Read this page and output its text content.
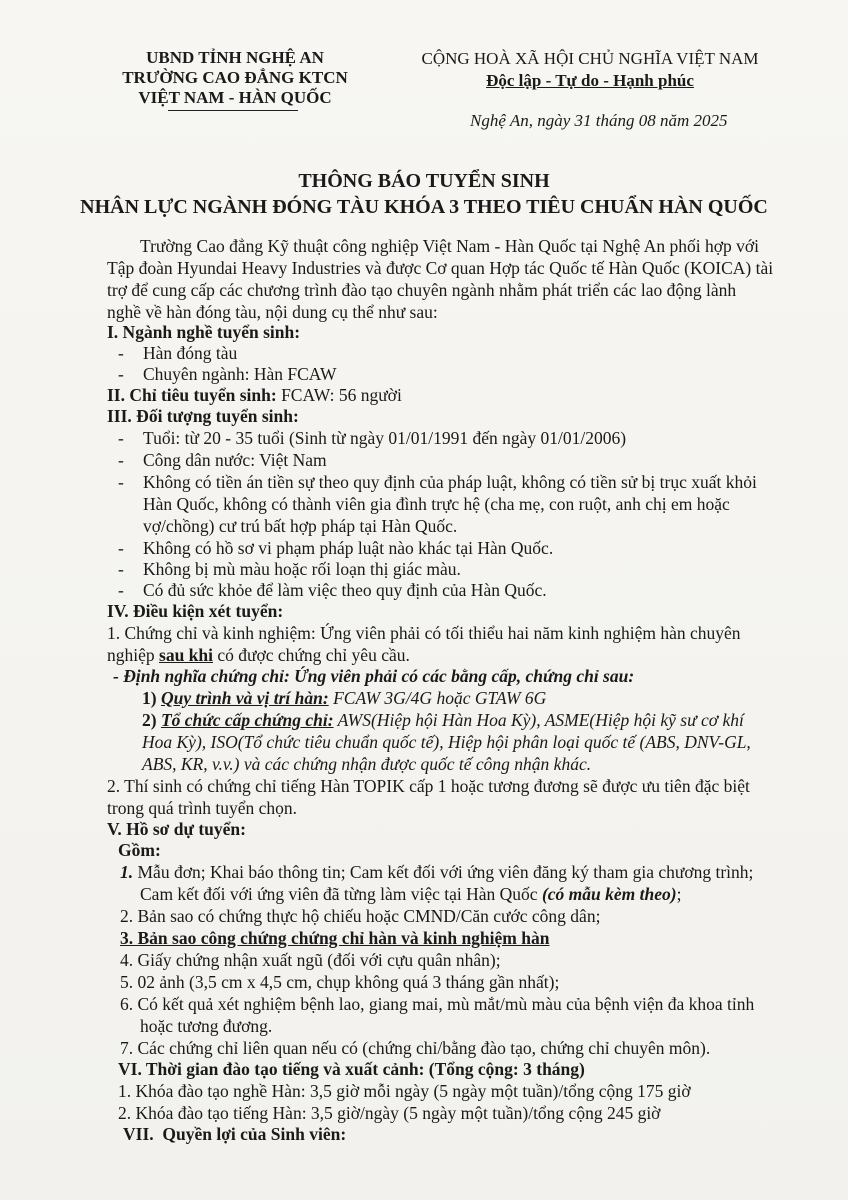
UBND TỈNH NGHỆ AN
TRƯỜNG CAO ĐẲNG KTCN
VIỆT NAM - HÀN QUỐC
CỘNG HOÀ XÃ HỘI CHỦ NGHĨA VIỆT NAM
Độc lập - Tự do - Hạnh phúc
Nghệ An, ngày 31 tháng 08 năm 2025
THÔNG BÁO TUYỂN SINH
NHÂN LỰC NGÀNH ĐÓNG TÀU KHÓA 3 THEO TIÊU CHUẨN HÀN QUỐC
Trường Cao đẳng Kỹ thuật công nghiệp Việt Nam - Hàn Quốc tại Nghệ An phối hợp với
Tập đoàn Hyundai Heavy Industries và được Cơ quan Hợp tác Quốc tế Hàn Quốc (KOICA) tài
trợ để cung cấp các chương trình đào tạo chuyên ngành nhằm phát triển các lao động lành
nghề về hàn đóng tàu, nội dung cụ thể như sau:
I. Ngành nghề tuyển sinh:
- Hàn đóng tàu
- Chuyên ngành: Hàn FCAW
II. Chỉ tiêu tuyển sinh: FCAW: 56 người
III. Đối tượng tuyển sinh:
- Tuổi: từ 20 - 35 tuổi (Sinh từ ngày 01/01/1991 đến ngày 01/01/2006)
- Công dân nước: Việt Nam
- Không có tiền án tiền sự theo quy định của pháp luật, không có tiền sử bị trục xuất khỏi
Hàn Quốc, không có thành viên gia đình trực hệ (cha mẹ, con ruột, anh chị em hoặc
vợ/chồng) cư trú bất hợp pháp tại Hàn Quốc.
- Không có hồ sơ vi phạm pháp luật nào khác tại Hàn Quốc.
- Không bị mù màu hoặc rối loạn thị giác màu.
- Có đủ sức khỏe để làm việc theo quy định của Hàn Quốc.
IV. Điều kiện xét tuyển:
1. Chứng chỉ và kinh nghiệm: Ứng viên phải có tối thiểu hai năm kinh nghiệm hàn chuyên
nghiệp sau khi có được chứng chỉ yêu cầu.
- Định nghĩa chứng chỉ: Ứng viên phải có các bằng cấp, chứng chỉ sau:
1) Quy trình và vị trí hàn: FCAW 3G/4G hoặc GTAW 6G
2) Tổ chức cấp chứng chỉ: AWS(Hiệp hội Hàn Hoa Kỳ), ASME(Hiệp hội kỹ sư cơ khí
Hoa Kỳ), ISO(Tổ chức tiêu chuẩn quốc tế), Hiệp hội phân loại quốc tế (ABS, DNV-GL,
ABS, KR, v.v.) và các chứng nhận được quốc tế công nhận khác.
2. Thí sinh có chứng chỉ tiếng Hàn TOPIK cấp 1 hoặc tương đương sẽ được ưu tiên đặc biệt
trong quá trình tuyển chọn.
V. Hồ sơ dự tuyển:
Gồm:
1. Mẫu đơn; Khai báo thông tin; Cam kết đối với ứng viên đăng ký tham gia chương trình;
Cam kết đối với ứng viên đã từng làm việc tại Hàn Quốc (có mẫu kèm theo);
2. Bản sao có chứng thực hộ chiếu hoặc CMND/Căn cước công dân;
3. Bản sao công chứng chứng chỉ hàn và kinh nghiệm hàn
4. Giấy chứng nhận xuất ngũ (đối với cựu quân nhân);
5. 02 ảnh (3,5 cm x 4,5 cm, chụp không quá 3 tháng gần nhất);
6. Có kết quả xét nghiệm bệnh lao, giang mai, mù mắt/mù màu của bệnh viện đa khoa tỉnh
hoặc tương đương.
7. Các chứng chỉ liên quan nếu có (chứng chỉ/bằng đào tạo, chứng chỉ chuyên môn).
VI. Thời gian đào tạo tiếng và xuất cảnh: (Tổng cộng: 3 tháng)
1. Khóa đào tạo nghề Hàn: 3,5 giờ mỗi ngày (5 ngày một tuần)/tổng cộng 175 giờ
2. Khóa đào tạo tiếng Hàn: 3,5 giờ/ngày (5 ngày một tuần)/tổng cộng 245 giờ
VII.  Quyền lợi của Sinh viên:
